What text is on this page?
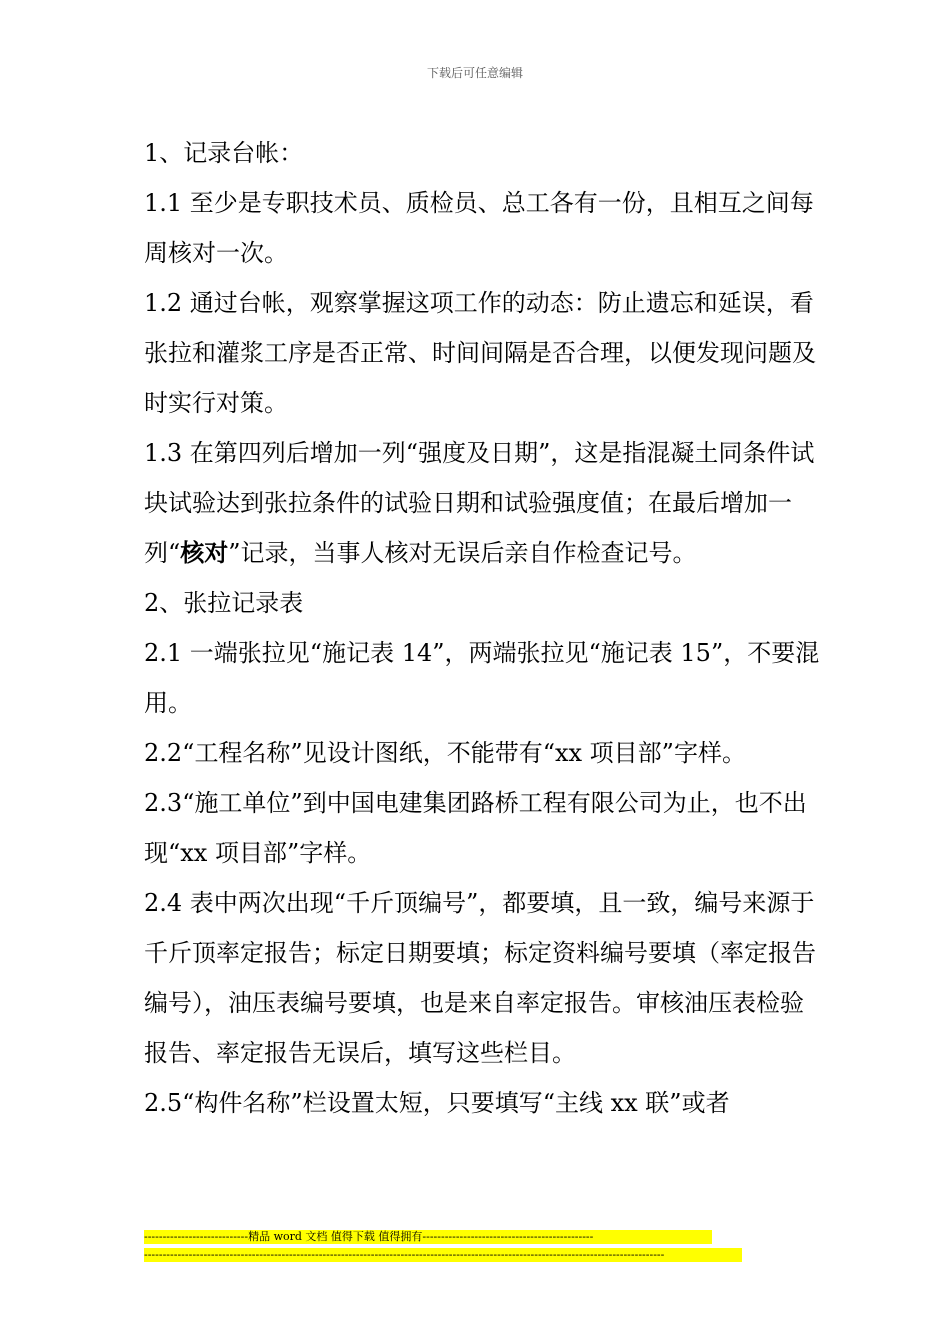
下载后可任意编辑

1、记录台帐：

1.1 至少是专职技术员、质检员、总工各有一份，且相互之间每周核对一次。

1.2 通过台帐，观察掌握这项工作的动态：防止遗忘和延误，看张拉和灌浆工序是否正常、时间间隔是否合理，以便发现问题及时实行对策。

1.3 在第四列后增加一列“强度及日期”，这是指混凝土同条件试块试验达到张拉条件的试验日期和试验强度值；在最后增加一列“核对”记录，当事人核对无误后亲自作检查记号。

2、张拉记录表

2.1 一端张拉见“施记表 14”，两端张拉见“施记表 15”，不要混用。

2.2“工程名称”见设计图纸，不能带有“xx 项目部”字样。

2.3“施工单位”到中国电建集团路桥工程有限公司为止，也不出现“xx 项目部”字样。

2.4 表中两次出现“千斤顶编号”，都要填，且一致，编号来源于千斤顶率定报告；标定日期要填；标定资料编号要填（率定报告编号），油压表编号要填，也是来自率定报告。审核油压表检验报告、率定报告无误后，填写这些栏目。

2.5“构件名称”栏设置太短，只要填写“主线 xx 联”或者

----------------------------精品 word 文档 值得下载 值得拥有----------------------------------------------
--------------------------------------------------------------------------------------------------------------------------------------------
